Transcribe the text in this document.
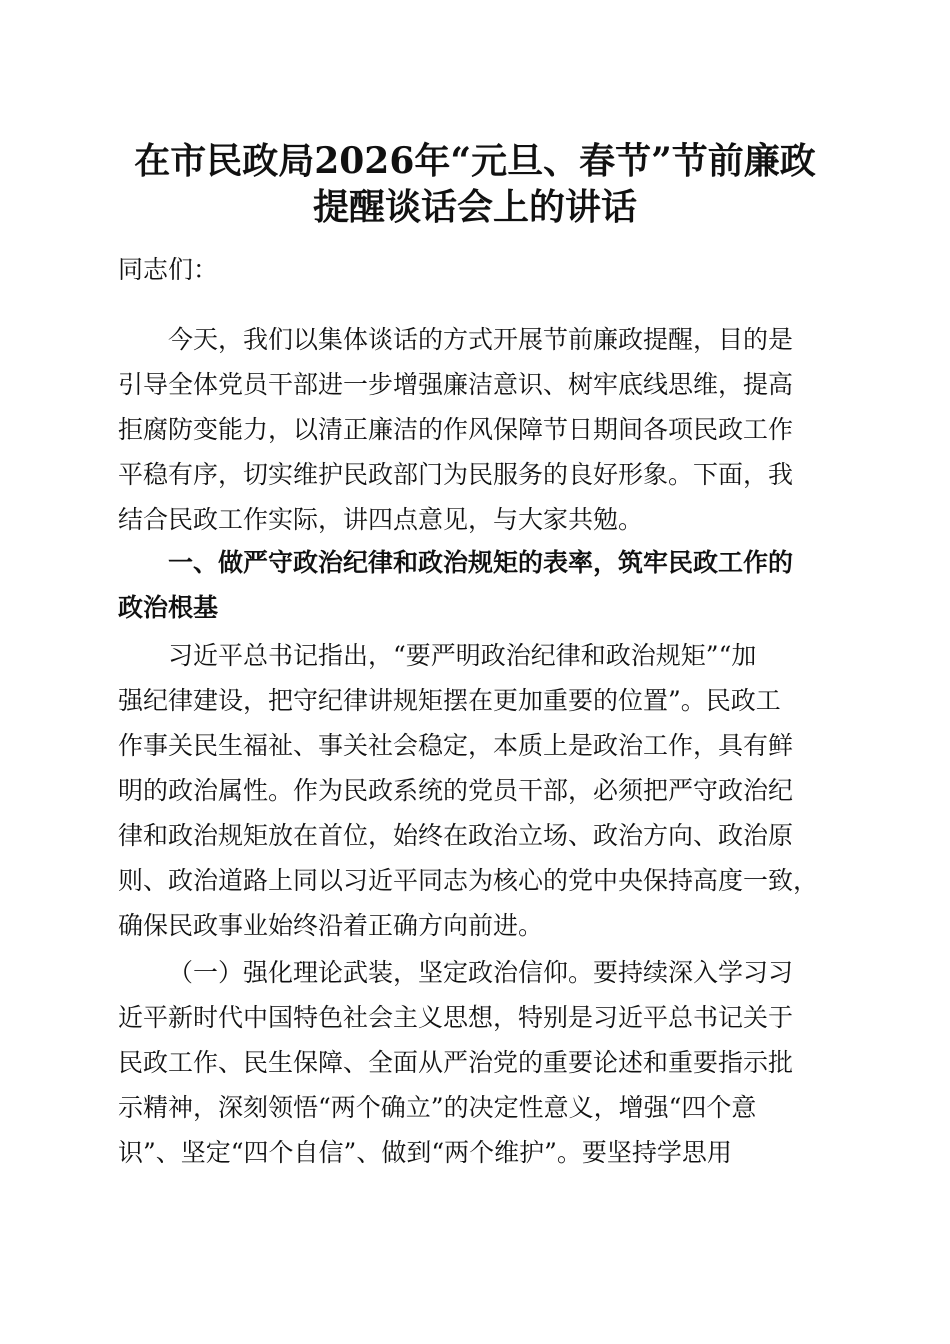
在市民政局2026年“元旦、春节”节前廉政
提醒谈话会上的讲话

同志们：

今天，我们以集体谈话的方式开展节前廉政提醒，目的是

引导全体党员干部进一步增强廉洁意识、树牢底线思维，提高

拒腐防变能力，以清正廉洁的作风保障节日期间各项民政工作

平稳有序，切实维护民政部门为民服务的良好形象。下面，我

结合民政工作实际，讲四点意见，与大家共勉。

一、做严守政治纪律和政治规矩的表率，筑牢民政工作的

政治根基

习近平总书记指出，“要严明政治纪律和政治规矩”“加

强纪律建设，把守纪律讲规矩摆在更加重要的位置”。民政工

作事关民生福祉、事关社会稳定，本质上是政治工作，具有鲜

明的政治属性。作为民政系统的党员干部，必须把严守政治纪

律和政治规矩放在首位，始终在政治立场、政治方向、政治原

则、政治道路上同以习近平同志为核心的党中央保持高度一致，

确保民政事业始终沿着正确方向前进。

（一）强化理论武装，坚定政治信仰。要持续深入学习习

近平新时代中国特色社会主义思想，特别是习近平总书记关于

民政工作、民生保障、全面从严治党的重要论述和重要指示批

示精神，深刻领悟“两个确立”的决定性意义，增强“四个意

识”、坚定“四个自信”、做到“两个维护”。要坚持学思用
